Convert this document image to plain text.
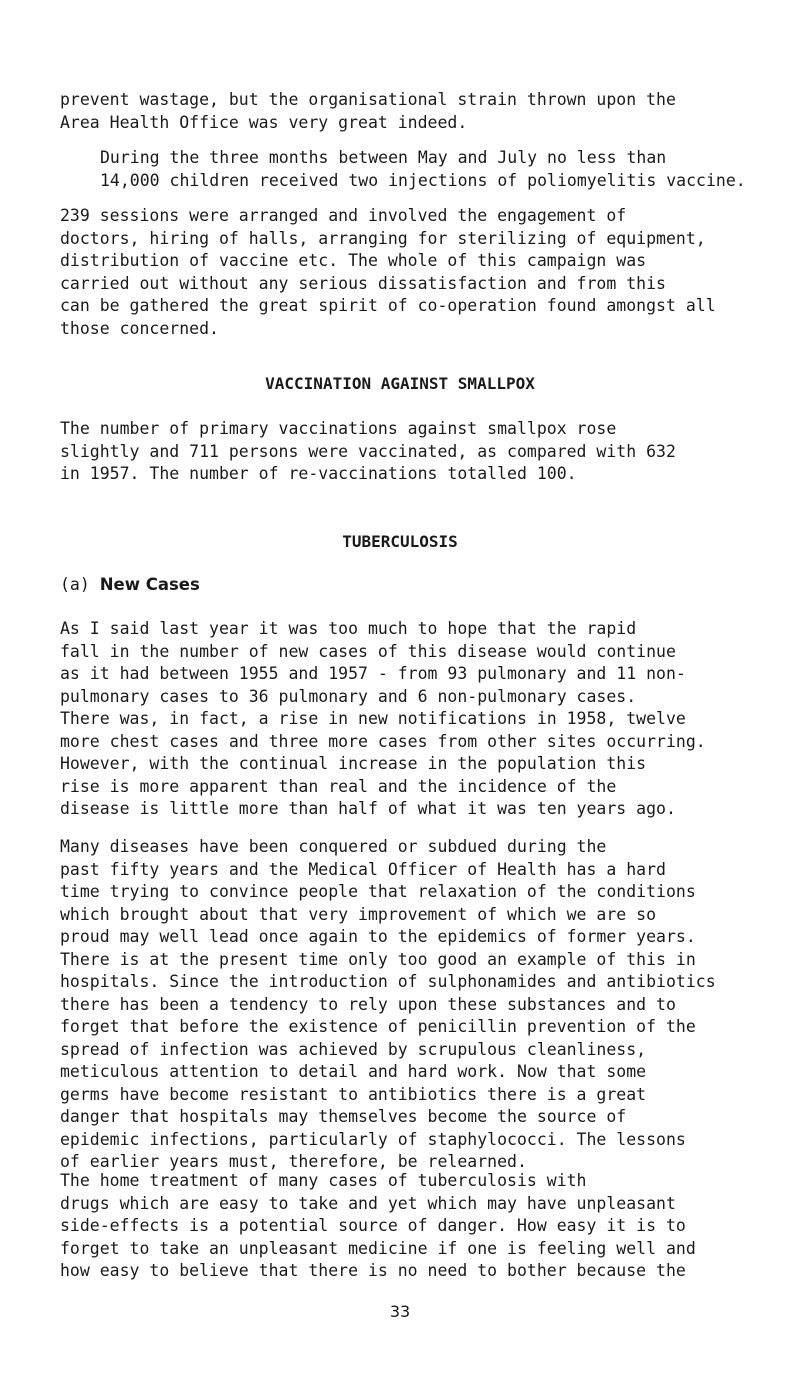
prevent wastage, but the organisational strain thrown upon the
Area Health Office was very great indeed.

During the three months between May and July no less than
14,000 children received two injections of poliomyelitis vaccine.

239 sessions were arranged and involved the engagement of
doctors, hiring of halls, arranging for sterilizing of equipment,
distribution of vaccine etc. The whole of this campaign was
carried out without any serious dissatisfaction and from this
can be gathered the great spirit of co-operation found amongst all
those concerned.

VACCINATION AGAINST SMALLPOX

The number of primary vaccinations against smallpox rose
slightly and 711 persons were vaccinated, as compared with 632
in 1957. The number of re-vaccinations totalled 100.

TUBERCULOSIS

(a) New Cases

As I said last year it was too much to hope that the rapid
fall in the number of new cases of this disease would continue
as it had between 1955 and 1957 - from 93 pulmonary and 11 non-
pulmonary cases to 36 pulmonary and 6 non-pulmonary cases.
There was, in fact, a rise in new notifications in 1958, twelve
more chest cases and three more cases from other sites occurring.
However, with the continual increase in the population this
rise is more apparent than real and the incidence of the
disease is little more than half of what it was ten years ago.

Many diseases have been conquered or subdued during the
past fifty years and the Medical Officer of Health has a hard
time trying to convince people that relaxation of the conditions
which brought about that very improvement of which we are so
proud may well lead once again to the epidemics of former years.
There is at the present time only too good an example of this in
hospitals. Since the introduction of sulphonamides and antibiotics
there has been a tendency to rely upon these substances and to
forget that before the existence of penicillin prevention of the
spread of infection was achieved by scrupulous cleanliness,
meticulous attention to detail and hard work. Now that some
germs have become resistant to antibiotics there is a great
danger that hospitals may themselves become the source of
epidemic infections, particularly of staphylococci. The lessons
of earlier years must, therefore, be relearned.

The home treatment of many cases of tuberculosis with
drugs which are easy to take and yet which may have unpleasant
side-effects is a potential source of danger. How easy it is to
forget to take an unpleasant medicine if one is feeling well and
how easy to believe that there is no need to bother because the

33
